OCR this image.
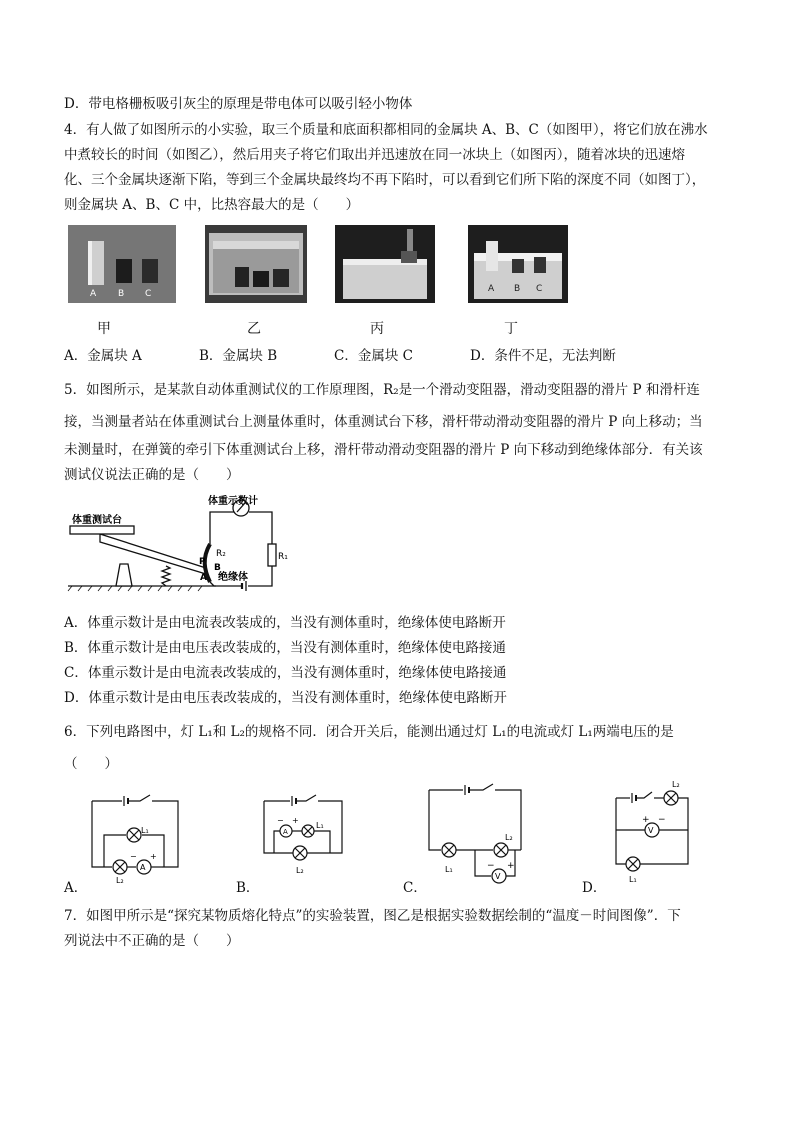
D．带电格栅板吸引灰尘的原理是带电体可以吸引轻小物体
4．有人做了如图所示的小实验，取三个质量和底面积都相同的金属块 A、B、C（如图甲），将它们放在沸水
中煮较长的时间（如图乙），然后用夹子将它们取出并迅速放在同一冰块上（如图丙），随着冰块的迅速熔
化、三个金属块逐渐下陷，等到三个金属块最终均不再下陷时，可以看到它们所下陷的深度不同（如图丁），
则金属块 A、B、C 中，比热容最大的是（　　）
A B C	A B C
甲	乙	丙	丁
A．金属块 A	B．金属块 B	C．金属块 C	D．条件不足，无法判断
5．如图所示，是某款自动体重测试仪的工作原理图，R₂是一个滑动变阻器，滑动变阻器的滑片 P 和滑杆连
接，当测量者站在体重测试台上测量体重时，体重测试台下移，滑杆带动滑动变阻器的滑片 P 向上移动；当
未测量时，在弹簧的牵引下体重测试台上移，滑杆带动滑动变阻器的滑片 P 向下移动到绝缘体部分．有关该
测试仪说法正确的是（　　）
体重测试台
体重示数计
R₂	R₁
P
B
A 绝缘体
A．体重示数计是由电流表改装成的，当没有测体重时，绝缘体使电路断开
B．体重示数计是由电压表改装成的，当没有测体重时，绝缘体使电路接通
C．体重示数计是由电流表改装成的，当没有测体重时，绝缘体使电路接通
D．体重示数计是由电压表改装成的，当没有测体重时，绝缘体使电路断开
6．下列电路图中，灯 L₁和 L₂的规格不同．闭合开关后，能测出通过灯 L₁的电流或灯 L₁两端电压的是
（　　）
L₁
L₂
A
+
−
A．
A
L₁
L₂
− +
B．
L₁
L₂
V
− +
C．
L₂
L₁
V
+ −
D．
7．如图甲所示是“探究某物质熔化特点”的实验装置，图乙是根据实验数据绘制的“温度－时间图像”．下
列说法中不正确的是（　　）
